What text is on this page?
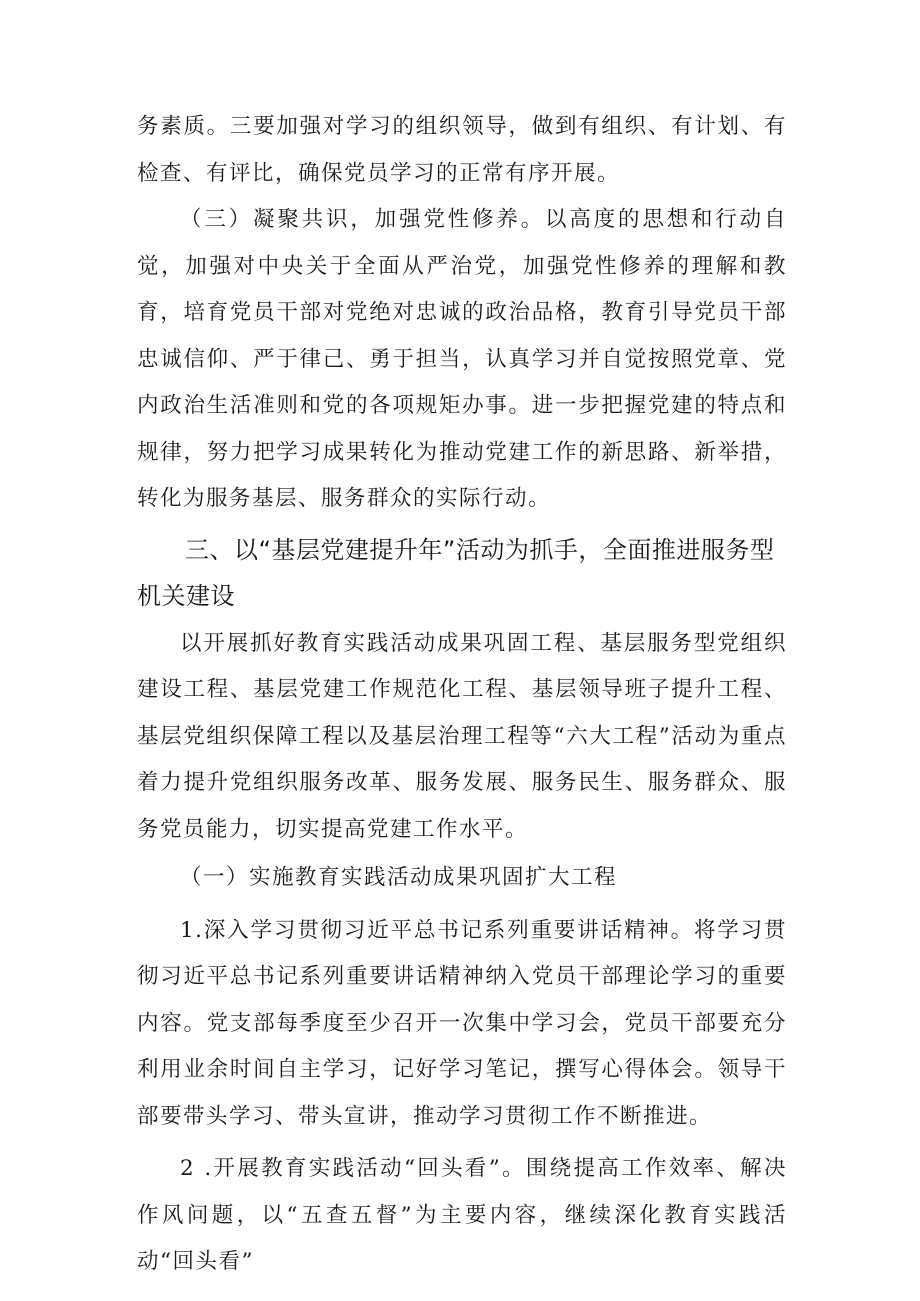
务素质。三要加强对学习的组织领导，做到有组织、有计划、有检查、有评比，确保党员学习的正常有序开展。

（三）凝聚共识，加强党性修养。以高度的思想和行动自觉，加强对中央关于全面从严治党，加强党性修养的理解和教育，培育党员干部对党绝对忠诚的政治品格，教育引导党员干部忠诚信仰、严于律己、勇于担当，认真学习并自觉按照党章、党内政治生活准则和党的各项规矩办事。进一步把握党建的特点和规律，努力把学习成果转化为推动党建工作的新思路、新举措，转化为服务基层、服务群众的实际行动。

三、以“基层党建提升年”活动为抓手，全面推进服务型机关建设

以开展抓好教育实践活动成果巩固工程、基层服务型党组织建设工程、基层党建工作规范化工程、基层领导班子提升工程、基层党组织保障工程以及基层治理工程等“六大工程”活动为重点着力提升党组织服务改革、服务发展、服务民生、服务群众、服务党员能力，切实提高党建工作水平。

（一）实施教育实践活动成果巩固扩大工程

1.深入学习贯彻习近平总书记系列重要讲话精神。将学习贯彻习近平总书记系列重要讲话精神纳入党员干部理论学习的重要内容。党支部每季度至少召开一次集中学习会，党员干部要充分利用业余时间自主学习，记好学习笔记，撰写心得体会。领导干部要带头学习、带头宣讲，推动学习贯彻工作不断推进。

2 .开展教育实践活动“回头看”。围绕提高工作效率、解决作风问题，以“五查五督”为主要内容，继续深化教育实践活动“回头看”
